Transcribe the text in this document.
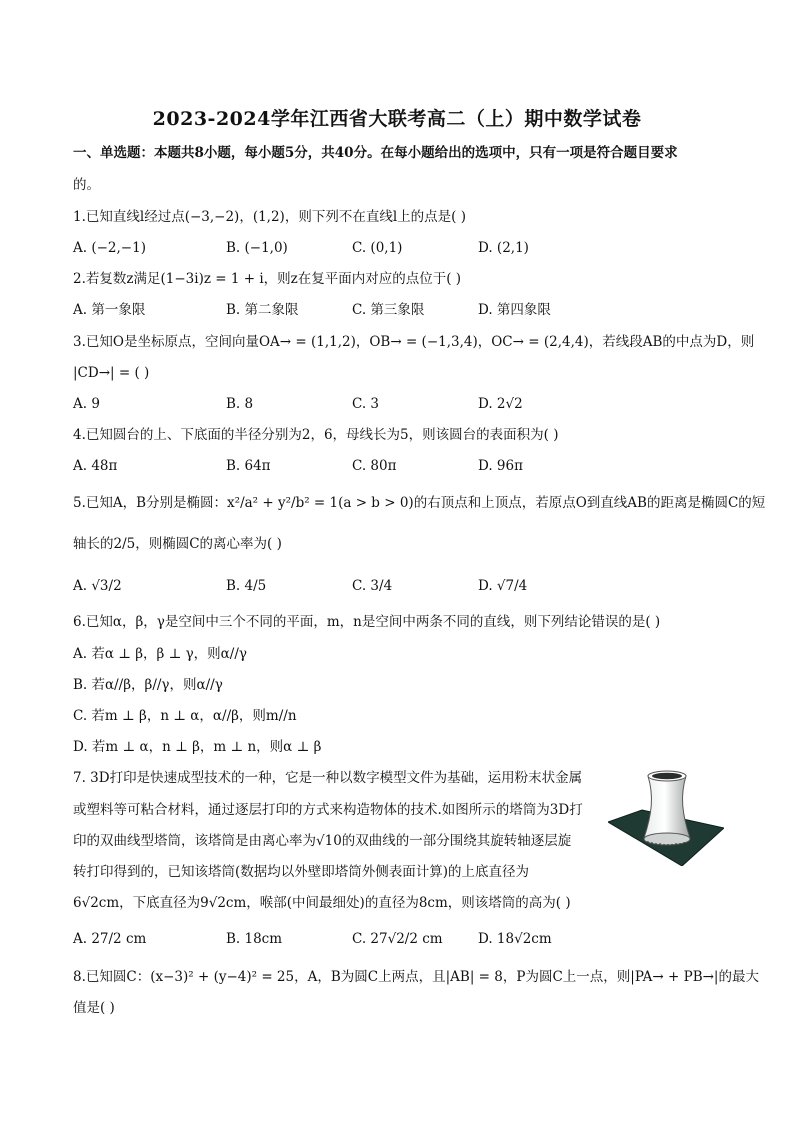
2023-2024学年江西省大联考高二（上）期中数学试卷
一、单选题：本题共8小题，每小题5分，共40分。在每小题给出的选项中，只有一项是符合题目要求
的。
1.已知直线l经过点(−3,−2)，(1,2)，则下列不在直线l上的点是( )
A. (−2,−1)	B. (−1,0)	C. (0,1)	D. (2,1)
2.若复数z满足(1−3i)z = 1 + i，则z在复平面内对应的点位于( )
A. 第一象限	B. 第二象限	C. 第三象限	D. 第四象限
3.已知O是坐标原点，空间向量OA→ = (1,1,2)，OB→ = (−1,3,4)，OC→ = (2,4,4)，若线段AB的中点为D，则
|CD→| = ( )
A. 9	B. 8	C. 3	D. 2√2
4.已知圆台的上、下底面的半径分别为2，6，母线长为5，则该圆台的表面积为( )
A. 48π	B. 64π	C. 80π	D. 96π
5.已知A，B分别是椭圆：x²/a² + y²/b² = 1(a > b > 0)的右顶点和上顶点，若原点O到直线AB的距离是椭圆C的短
轴长的2/5，则椭圆C的离心率为( )
A. √3/2	B. 4/5	C. 3/4	D. √7/4
6.已知α，β，γ是空间中三个不同的平面，m，n是空间中两条不同的直线，则下列结论错误的是( )
A. 若α ⊥ β，β ⊥ γ，则α//γ
B. 若α//β，β//γ，则α//γ
C. 若m ⊥ β，n ⊥ α，α//β，则m//n
D. 若m ⊥ α，n ⊥ β，m ⊥ n，则α ⊥ β
7. 3D打印是快速成型技术的一种，它是一种以数字模型文件为基础，运用粉末状金属
或塑料等可粘合材料，通过逐层打印的方式来构造物体的技术.如图所示的塔筒为3D打
印的双曲线型塔筒，该塔筒是由离心率为√10的双曲线的一部分围绕其旋转轴逐层旋
转打印得到的，已知该塔筒(数据均以外壁即塔筒外侧表面计算)的上底直径为
6√2cm，下底直径为9√2cm，喉部(中间最细处)的直径为8cm，则该塔筒的高为( )
A. 27/2 cm	B. 18cm	C. 27√2/2 cm	D. 18√2cm
8.已知圆C：(x−3)² + (y−4)² = 25，A，B为圆C上两点，且|AB| = 8，P为圆C上一点，则|PA→ + PB→|的最大
值是( )
